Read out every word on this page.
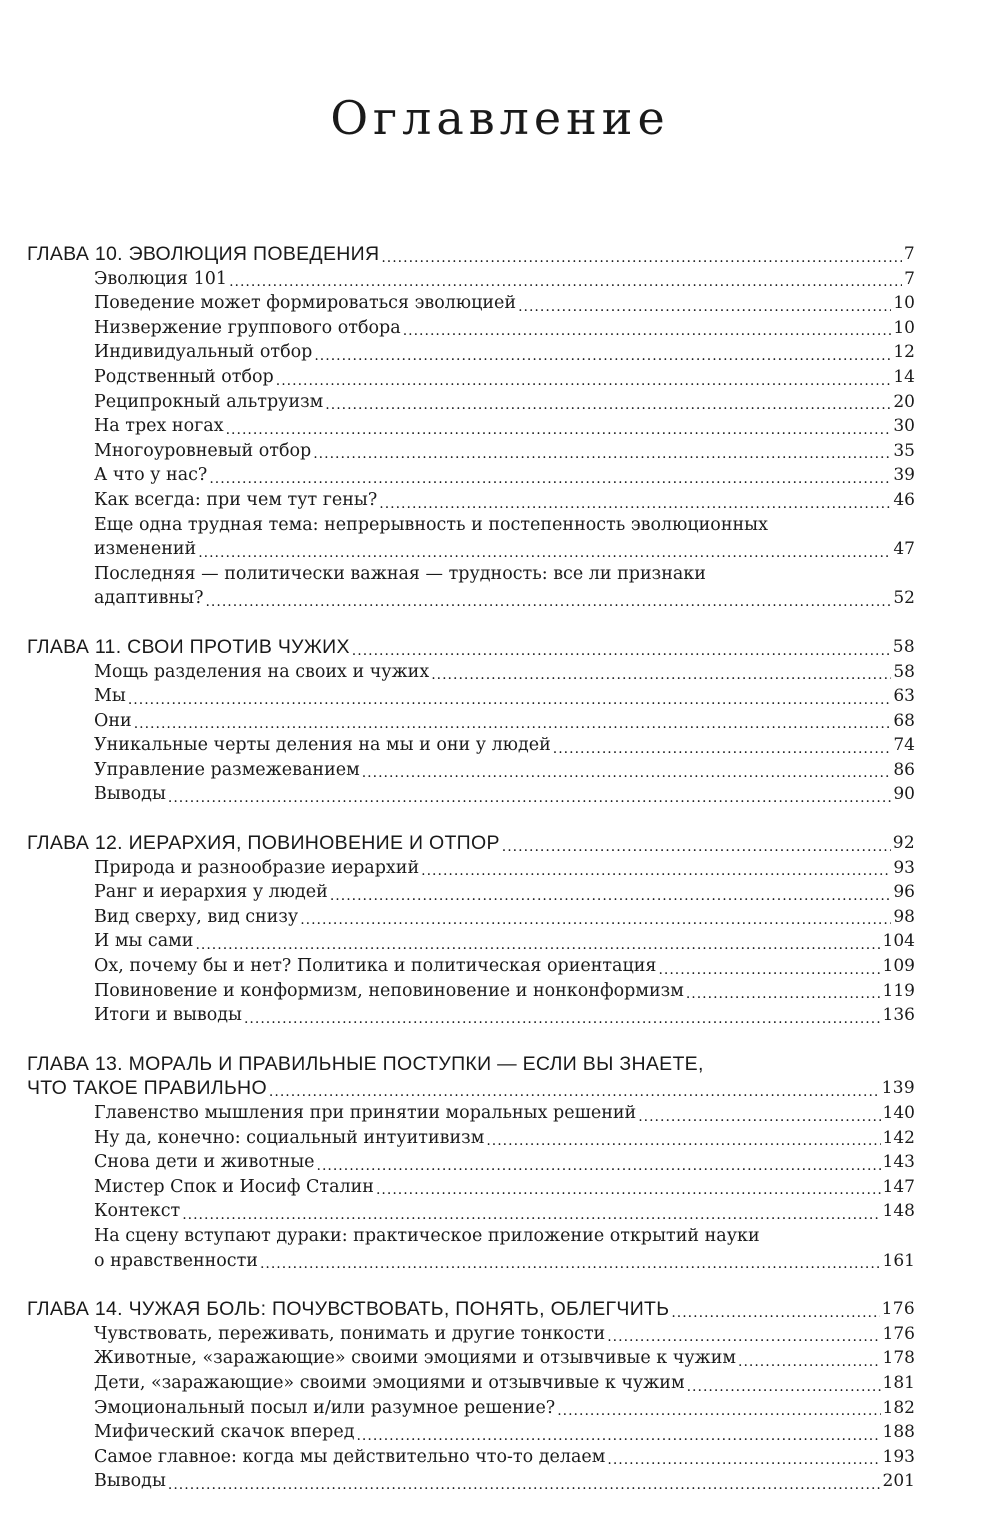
Оглавление
ГЛАВА 10. ЭВОЛЮЦИЯ ПОВЕДЕНИЯ .....	7
Эволюция 101 .....	7
Поведение может формироваться эволюцией .....	10
Низвержение группового отбора .....	10
Индивидуальный отбор .....	12
Родственный отбор .....	14
Реципрокный альтруизм .....	20
На трех ногах .....	30
Многоуровневый отбор .....	35
А что у нас? .....	39
Как всегда: при чем тут гены? .....	46
Еще одна трудная тема: непрерывность и постепенность эволюционных
изменений .....	47
Последняя — политически важная — трудность: все ли признаки
адаптивны? .....	52
ГЛАВА 11. СВОИ ПРОТИВ ЧУЖИХ .....	58
Мощь разделения на своих и чужих .....	58
Мы .....	63
Они .....	68
Уникальные черты деления на мы и они у людей .....	74
Управление размежеванием .....	86
Выводы .....	90
ГЛАВА 12. ИЕРАРХИЯ, ПОВИНОВЕНИЕ И ОТПОР .....	92
Природа и разнообразие иерархий .....	93
Ранг и иерархия у людей .....	96
Вид сверху, вид снизу .....	98
И мы сами .....	104
Ох, почему бы и нет? Политика и политическая ориентация .....	109
Повиновение и конформизм, неповиновение и нонконформизм .....	119
Итоги и выводы .....	136
ГЛАВА 13. МОРАЛЬ И ПРАВИЛЬНЫЕ ПОСТУПКИ — ЕСЛИ ВЫ ЗНАЕТЕ,
ЧТО ТАКОЕ ПРАВИЛЬНО .....	139
Главенство мышления при принятии моральных решений .....	140
Ну да, конечно: социальный интуитивизм .....	142
Снова дети и животные .....	143
Мистер Спок и Иосиф Сталин .....	147
Контекст .....	148
На сцену вступают дураки: практическое приложение открытий науки
о нравственности .....	161
ГЛАВА 14. ЧУЖАЯ БОЛЬ: ПОЧУВСТВОВАТЬ, ПОНЯТЬ, ОБЛЕГЧИТЬ .....	176
Чувствовать, переживать, понимать и другие тонкости .....	176
Животные, «заражающие» своими эмоциями и отзывчивые к чужим .....	178
Дети, «заражающие» своими эмоциями и отзывчивые к чужим .....	181
Эмоциональный посыл и/или разумное решение? .....	182
Мифический скачок вперед .....	188
Самое главное: когда мы действительно что-то делаем .....	193
Выводы .....	201
